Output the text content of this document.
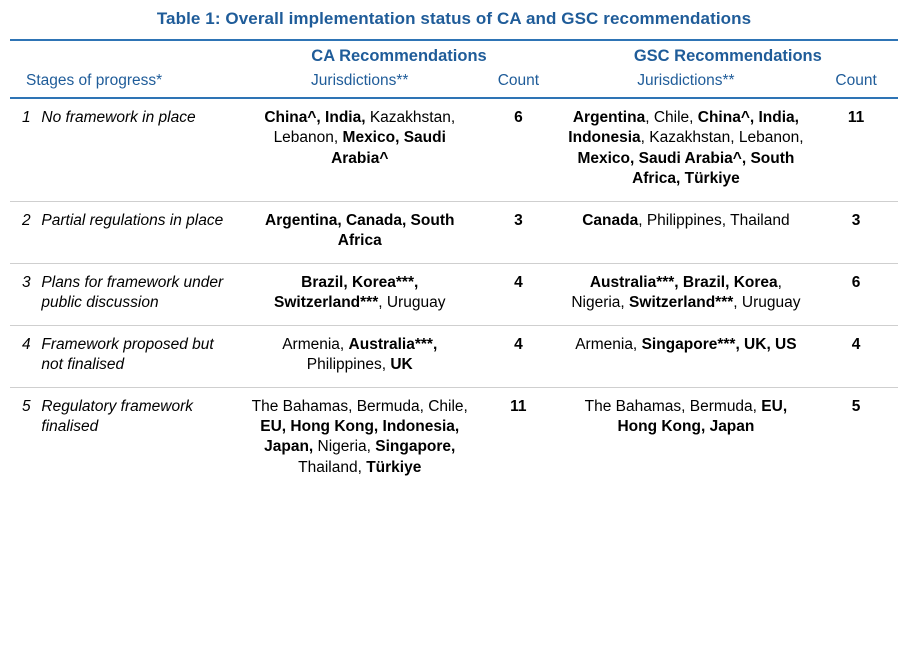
Table 1: Overall implementation status of CA and GSC recommendations

		CA Recommendations		GSC Recommendations	
Stages of progress*		Jurisdictions**	Count	Jurisdictions**	Count

1	No framework in place	China^, India, Kazakhstan, Lebanon, Mexico, Saudi Arabia^	6	Argentina, Chile, China^, India, Indonesia, Kazakhstan, Lebanon, Mexico, Saudi Arabia^, South Africa, Türkiye	11
2	Partial regulations in place	Argentina, Canada, South Africa	3	Canada, Philippines, Thailand	3
3	Plans for framework under public discussion	Brazil, Korea***, Switzerland***, Uruguay	4	Australia***, Brazil, Korea, Nigeria, Switzerland***, Uruguay	6
4	Framework proposed but not finalised	Armenia, Australia***, Philippines, UK	4	Armenia, Singapore***, UK, US	4
5	Regulatory framework finalised	The Bahamas, Bermuda, Chile, EU, Hong Kong, Indonesia, Japan, Nigeria, Singapore, Thailand, Türkiye	11	The Bahamas, Bermuda, EU, Hong Kong, Japan	5
